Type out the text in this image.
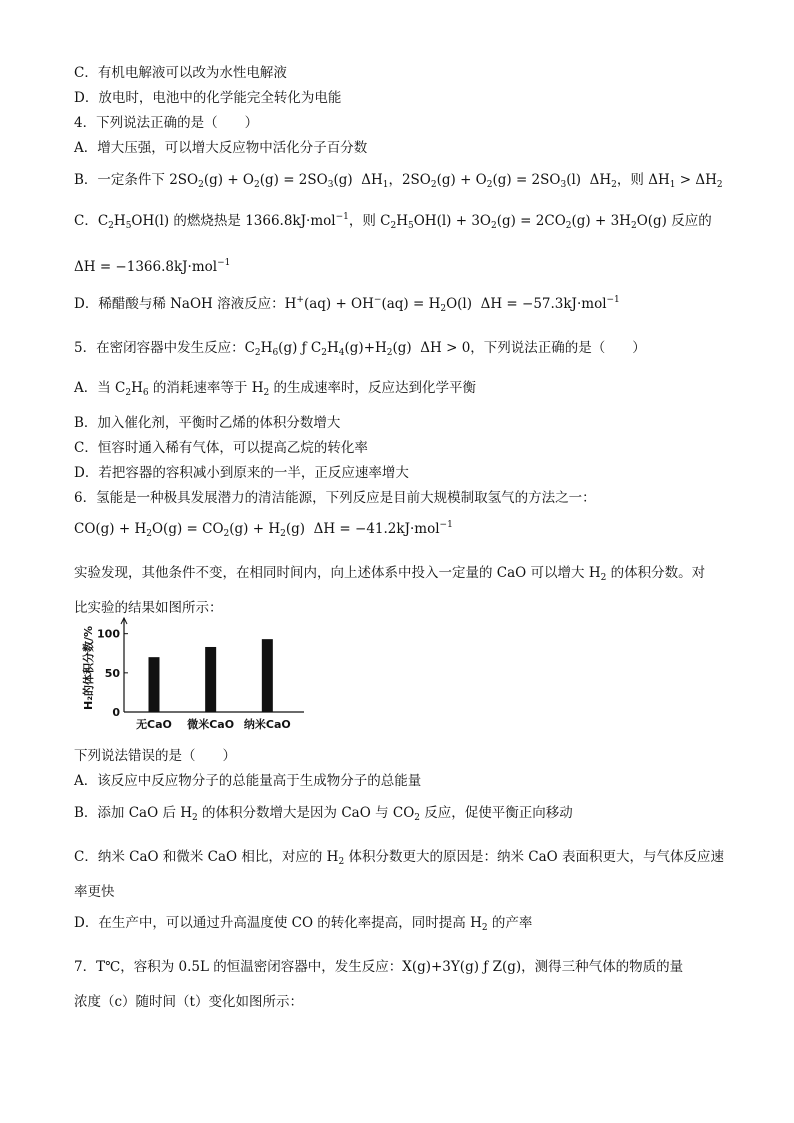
C．有机电解液可以改为水性电解液
D．放电时，电池中的化学能完全转化为电能
4．下列说法正确的是（　　）
A．增大压强，可以增大反应物中活化分子百分数
B．一定条件下 $2SO_2(g) + O_2(g) = 2SO_3(g)$  $\Delta H_1$，$2SO_2(g) + O_2(g) = 2SO_3(l)$  $\Delta H_2$，则 $\Delta H_1 > \Delta H_2$
C．$C_2H_5OH(l)$ 的燃烧热是 1366.8kJ·mol$^{-1}$，则 $C_2H_5OH(l) + 3O_2(g) = 2CO_2(g) + 3H_2O(g)$ 反应的
ΔH = −1366.8kJ·mol$^{-1}$
D．稀醋酸与稀 NaOH 溶液反应：$H^+(aq) + OH^-(aq) = H_2O(l) \Delta H = -57.3kJ\cdot mol^{-1}$
5．在密闭容器中发生反应：$C_2H_6(g)$ ƒ $C_2H_4(g)+H_2(g) \Delta H > 0$，下列说法正确的是（　　）
A．当 $C_2H_6$ 的消耗速率等于 $H_2$ 的生成速率时，反应达到化学平衡
B．加入催化剂，平衡时乙烯的体积分数增大
C．恒容时通入稀有气体，可以提高乙烷的转化率
D．若把容器的容积减小到原来的一半，正反应速率增大
6．氢能是一种极具发展潜力的清洁能源，下列反应是目前大规模制取氢气的方法之一：
$CO(g) + H_2O(g) = CO_2(g) + H_2(g) \Delta H = -41.2kJ\cdot mol^{-1}$
实验发现，其他条件不变，在相同时间内，向上述体系中投入一定量的 CaO 可以增大 $H_2$ 的体积分数。对
比实验的结果如图所示：
下列说法错误的是（　　）
A．该反应中反应物分子的总能量高于生成物分子的总能量
B．添加 CaO 后 $H_2$ 的体积分数增大是因为 CaO 与 $CO_2$ 反应，促使平衡正向移动
C．纳米 CaO 和微米 CaO 相比，对应的 $H_2$ 体积分数更大的原因是：纳米 CaO 表面积更大，与气体反应速
率更快
D．在生产中，可以通过升高温度使 CO 的转化率提高，同时提高 $H_2$ 的产率
7．T℃，容积为 0.5L 的恒温密闭容器中，发生反应：X(g)+3Y(g) ƒ Z(g)，测得三种气体的物质的量
浓度（c）随时间（t）变化如图所示：
0
50
100
H₂的体积分数/%
无CaO 微米CaO 纳米CaO
